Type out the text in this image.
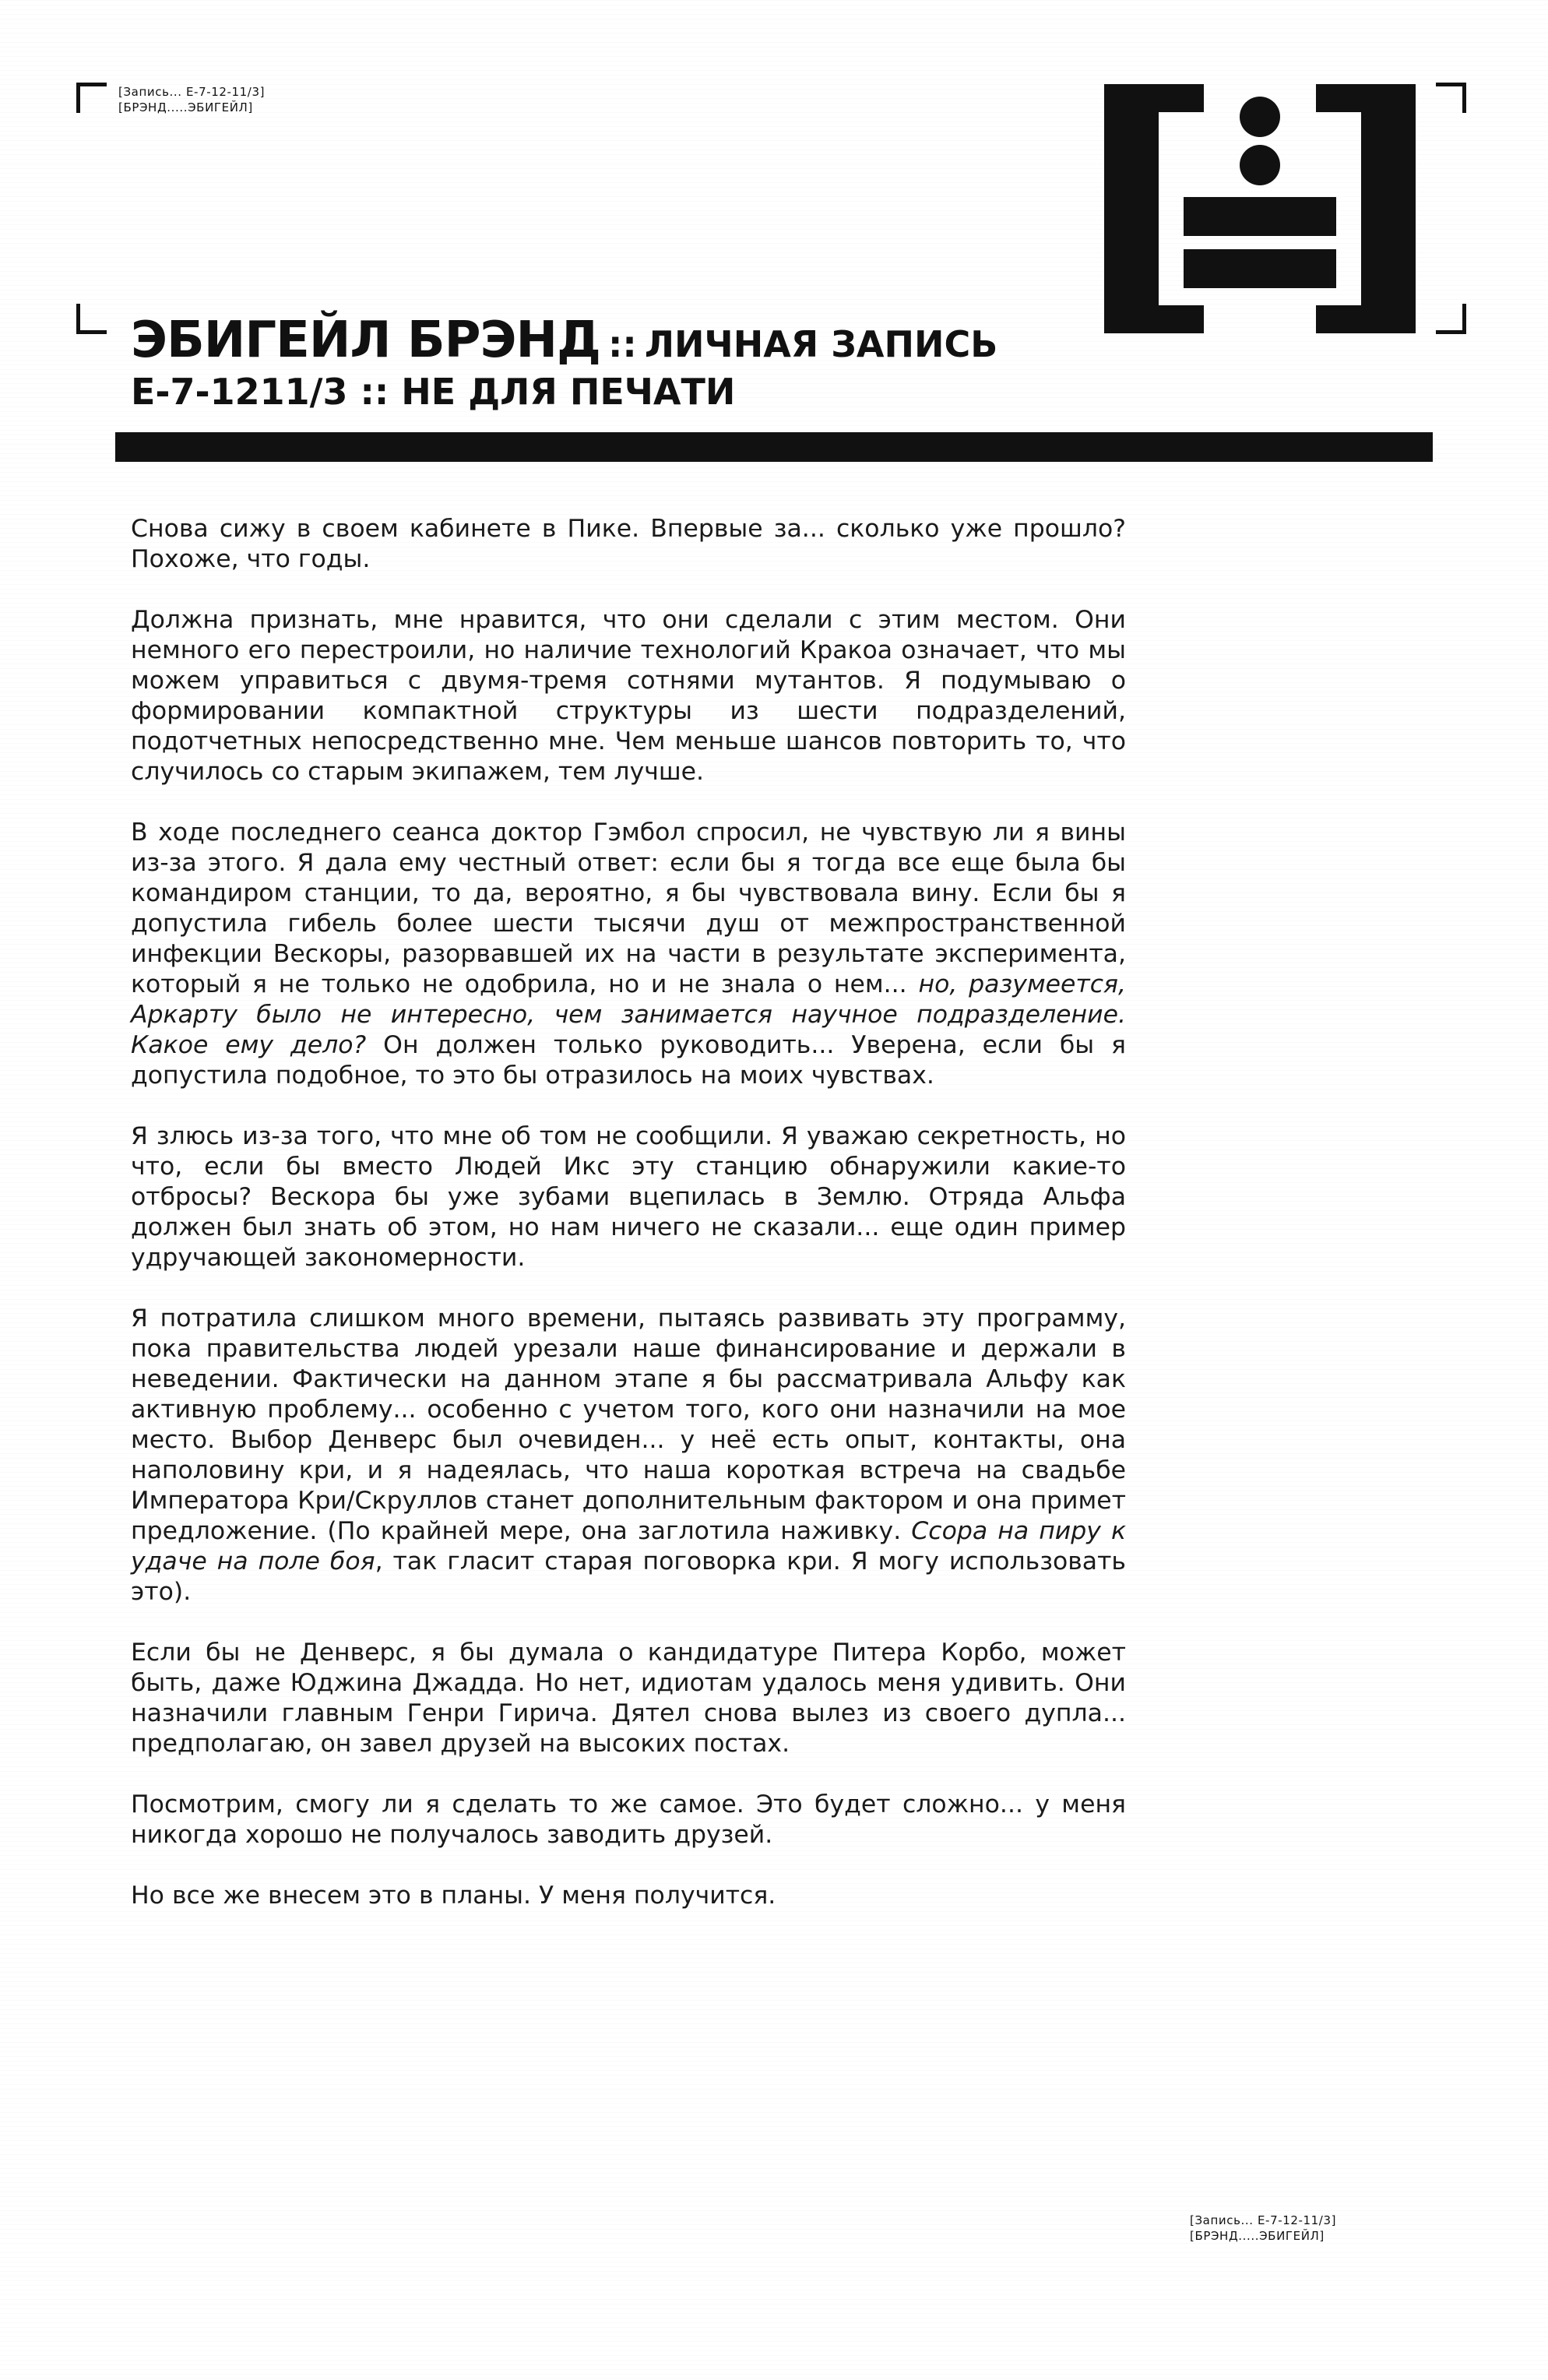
[Запись... Е-7-12-11/3]
[БРЭНД.....ЭБИГЕЙЛ]
ЭБИГЕЙЛ БРЭНД :: ЛИЧНАЯ ЗАПИСЬ
Е-7-1211/3 :: НЕ ДЛЯ ПЕЧАТИ

Снова сижу в своем кабинете в Пике. Впервые за... сколько уже прошло? Похоже, что годы.

Должна признать, мне нравится, что они сделали с этим местом. Они немного его перестроили, но наличие технологий Кракоа означает, что мы можем управиться с двумя-тремя сотнями мутантов. Я подумываю о формировании компактной структуры из шести подразделений, подотчетных непосредственно мне. Чем меньше шансов повторить то, что случилось со старым экипажем, тем лучше.

В ходе последнего сеанса доктор Гэмбол спросил, не чувствую ли я вины из-за этого. Я дала ему честный ответ: если бы я тогда все еще была бы командиром станции, то да, вероятно, я бы чувствовала вину. Если бы я допустила гибель более шести тысячи душ от межпространственной инфекции Вескоры, разорвавшей их на части в результате эксперимента, который я не только не одобрила, но и не знала о нем... но, разумеется, Аркарту было не интересно, чем занимается научное подразделение. Какое ему дело? Он должен только руководить... Уверена, если бы я допустила подобное, то это бы отразилось на моих чувствах.

Я злюсь из-за того, что мне об том не сообщили. Я уважаю секретность, но что, если бы вместо Людей Икс эту станцию обнаружили какие-то отбросы? Вескора бы уже зубами вцепилась в Землю. Отряда Альфа должен был знать об этом, но нам ничего не сказали... еще один пример удручающей закономерности.

Я потратила слишком много времени, пытаясь развивать эту программу, пока правительства людей урезали наше финансирование и держали в неведении. Фактически на данном этапе я бы рассматривала Альфу как активную проблему... особенно с учетом того, кого они назначили на мое место. Выбор Денверс был очевиден... у неё есть опыт, контакты, она наполовину кри, и я надеялась, что наша короткая встреча на свадьбе Императора Кри/Скруллов станет дополнительным фактором и она примет предложение. (По крайней мере, она заглотила наживку. Ссора на пиру к удаче на поле боя, так гласит старая поговорка кри. Я могу использовать это).

Если бы не Денверс, я бы думала о кандидатуре Питера Корбо, может быть, даже Юджина Джадда. Но нет, идиотам удалось меня удивить. Они назначили главным Генри Гирича. Дятел снова вылез из своего дупла... предполагаю, он завел друзей на высоких постах.

Посмотрим, смогу ли я сделать то же самое. Это будет сложно... у меня никогда хорошо не получалось заводить друзей.

Но все же внесем это в планы. У меня получится.

[Запись... Е-7-12-11/3]
[БРЭНД.....ЭБИГЕЙЛ]
